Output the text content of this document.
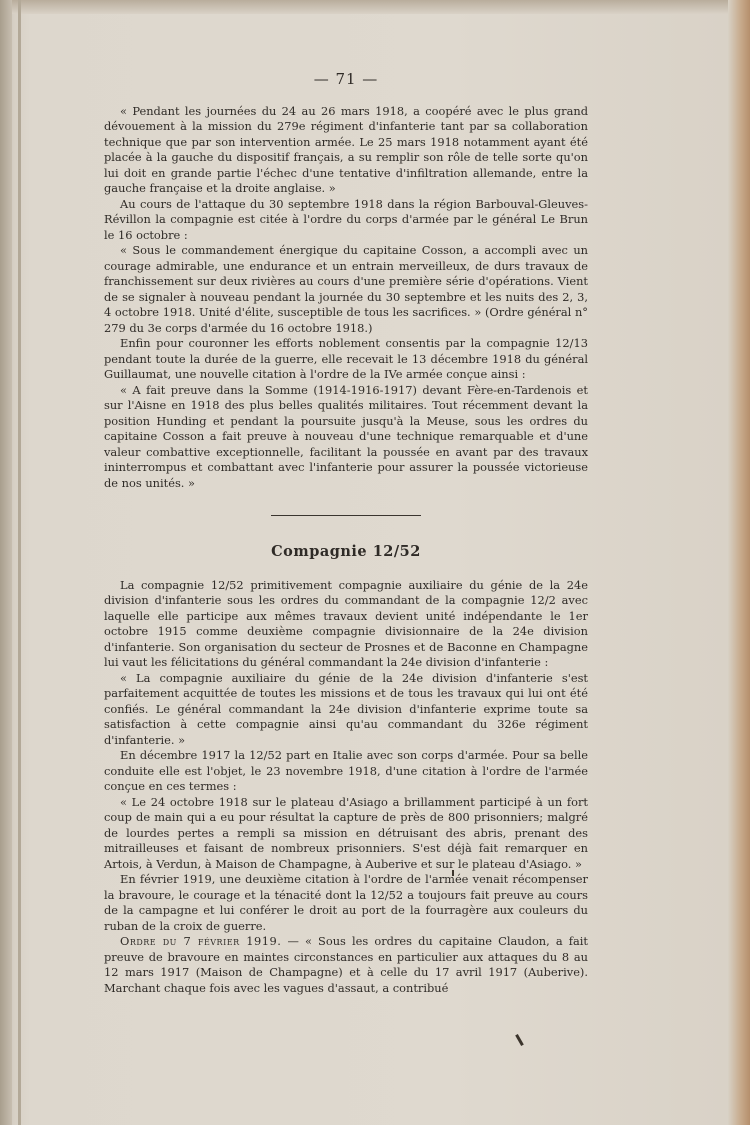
— 71 —

« Pendant les journées du 24 au 26 mars 1918, a coopéré avec le plus grand dévouement à la mission du 279e régiment d'infanterie tant par sa collaboration technique que par son intervention armée. Le 25 mars 1918 notamment ayant été placée à la gauche du dispositif français, a su remplir son rôle de telle sorte qu'on lui doit en grande partie l'échec d'une tentative d'infiltration allemande, entre la gauche française et la droite anglaise. »

Au cours de l'attaque du 30 septembre 1918 dans la région Barbouval-Gleuves-Révillon la compagnie est citée à l'ordre du corps d'armée par le général Le Brun le 16 octobre :

« Sous le commandement énergique du capitaine Cosson, a accompli avec un courage admirable, une endurance et un entrain merveilleux, de durs travaux de franchissement sur deux rivières au cours d'une première série d'opérations. Vient de se signaler à nouveau pendant la journée du 30 septembre et les nuits des 2, 3, 4 octobre 1918. Unité d'élite, susceptible de tous les sacrifices. » (Ordre général n° 279 du 3e corps d'armée du 16 octobre 1918.)

Enfin pour couronner les efforts noblement consentis par la compagnie 12/13 pendant toute la durée de la guerre, elle recevait le 13 décembre 1918 du général Guillaumat, une nouvelle citation à l'ordre de la IVe armée conçue ainsi :

« A fait preuve dans la Somme (1914-1916-1917) devant Fère-en-Tardenois et sur l'Aisne en 1918 des plus belles qualités militaires. Tout récemment devant la position Hunding et pendant la poursuite jusqu'à la Meuse, sous les ordres du capitaine Cosson a fait preuve à nouveau d'une technique remarquable et d'une valeur combattive exceptionnelle, facilitant la poussée en avant par des travaux ininterrompus et combattant avec l'infanterie pour assurer la poussée victorieuse de nos unités. »

Compagnie 12/52

La compagnie 12/52 primitivement compagnie auxiliaire du génie de la 24e division d'infanterie sous les ordres du commandant de la compagnie 12/2 avec laquelle elle participe aux mêmes travaux devient unité indépendante le 1er octobre 1915 comme deuxième compagnie divisionnaire de la 24e division d'infanterie. Son organisation du secteur de Prosnes et de Baconne en Champagne lui vaut les félicitations du général commandant la 24e division d'infanterie :

« La compagnie auxiliaire du génie de la 24e division d'infanterie s'est parfaitement acquittée de toutes les missions et de tous les travaux qui lui ont été confiés. Le général commandant la 24e division d'infanterie exprime toute sa satisfaction à cette compagnie ainsi qu'au commandant du 326e régiment d'infanterie. »

En décembre 1917 la 12/52 part en Italie avec son corps d'armée. Pour sa belle conduite elle est l'objet, le 23 novembre 1918, d'une citation à l'ordre de l'armée conçue en ces termes :

« Le 24 octobre 1918 sur le plateau d'Asiago a brillamment participé à un fort coup de main qui a eu pour résultat la capture de près de 800 prisonniers; malgré de lourdes pertes a rempli sa mission en détruisant des abris, prenant des mitrailleuses et faisant de nombreux prisonniers. S'est déjà fait remarquer en Artois, à Verdun, à Maison de Champagne, à Auberive et sur le plateau d'Asiago. »

En février 1919, une deuxième citation à l'ordre de l'armée venait récompenser la bravoure, le courage et la ténacité dont la 12/52 a toujours fait preuve au cours de la campagne et lui conférer le droit au port de la fourragère aux couleurs du ruban de la croix de guerre.

Ordre du 7 février 1919. — « Sous les ordres du capitaine Claudon, a fait preuve de bravoure en maintes circonstances en particulier aux attaques du 8 au 12 mars 1917 (Maison de Champagne) et à celle du 17 avril 1917 (Auberive). Marchant chaque fois avec les vagues d'assaut, a contribué
